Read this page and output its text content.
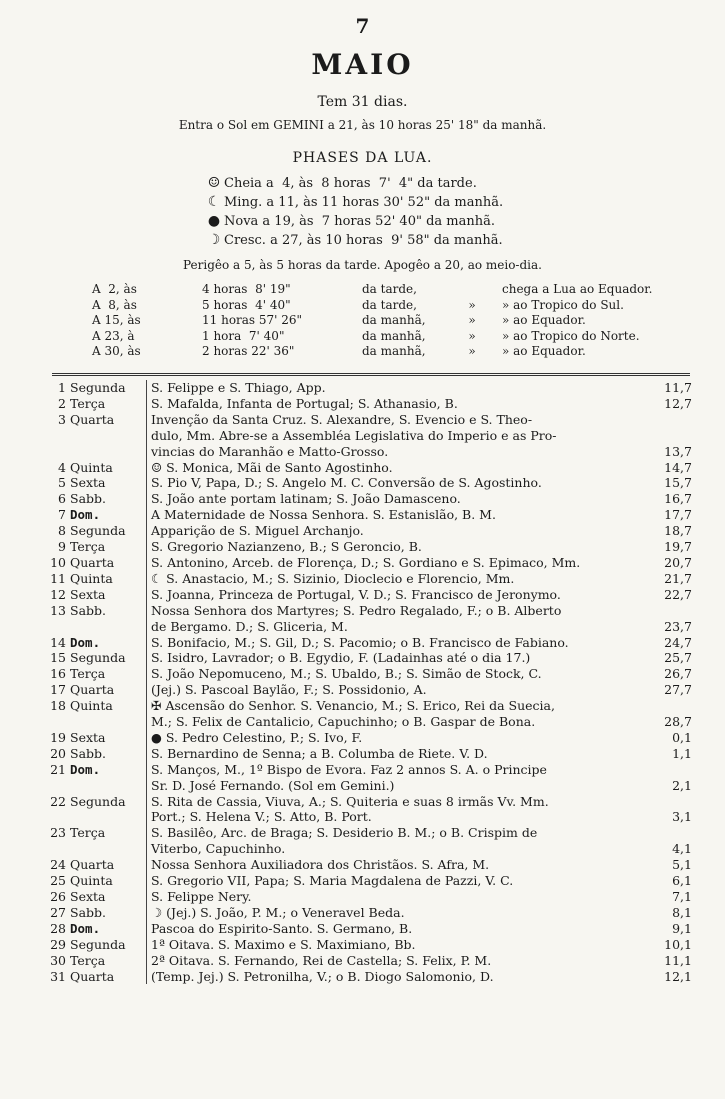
7
MAIO
Tem 31 dias.
Entra o Sol em GEMINI a 21, às 10 horas 25' 18" da manhã.
PHASES DA LUA.
☺ Cheia a  4, às  8 horas  7'  4" da tarde.
☾ Ming. a 11, às 11 horas 30' 52" da manhã.
● Nova a 19, às  7 horas 52' 40" da manhã.
☽ Cresc. a 27, às 10 horas  9' 58" da manhã.
Perigêo a 5, às 5 horas da tarde. Apogêo a 20, ao meio-dia.
A  2, às	4 horas  8' 19"	da tarde,	chega a Lua ao Equador.
A  8, às	5 horas  4' 40"	da tarde,	» » ao Tropico do Sul.
A 15, às	11 horas 57' 26"	da manhã,	» » ao Equador.
A 23, à	1 hora  7' 40"	da manhã,	» » ao Tropico do Norte.
A 30, às	2 horas 22' 36"	da manhã,	» » ao Equador.
1 Segunda	S. Felippe e S. Thiago, App.	11,7
2 Terça	S. Mafalda, Infanta de Portugal; S. Athanasio, B.	12,7
3 Quarta	Invenção da Santa Cruz. S. Alexandre, S. Evencio e S. Theo-
dulo, Mm. Abre-se a Assembléa Legislativa do Imperio e as Pro-
vincias do Maranhão e Matto-Grosso.	13,7
4 Quinta	☺ S. Monica, Mãi de Santo Agostinho.	14,7
5 Sexta	S. Pio V, Papa, D.; S. Angelo M. C. Conversão de S. Agostinho.	15,7
6 Sabb.	S. João ante portam latinam; S. João Damasceno.	16,7
7 Dom.	A Maternidade de Nossa Senhora. S. Estanislão, B. M.	17,7
8 Segunda	Apparição de S. Miguel Archanjo.	18,7
9 Terça	S. Gregorio Nazianzeno, B.; S Geroncio, B.	19,7
10 Quarta	S. Antonino, Arceb. de Florença, D.; S. Gordiano e S. Epimaco, Mm.	20,7
11 Quinta	☾ S. Anastacio, M.; S. Sizinio, Diocleciо e Florencio, Mm.	21,7
12 Sexta	S. Joanna, Princeza de Portugal, V. D.; S. Francisco de Jeronymo.	22,7
13 Sabb.	Nossa Senhora dos Martyres; S. Pedro Regalado, F.; o B. Alberto
de Bergamo. D.; S. Gliceria, M.	23,7
14 Dom.	S. Bonifacio, M.; S. Gil, D.; S. Pacomio; o B. Francisco de Fabiano.	24,7
15 Segunda	S. Isidro, Lavrador; o B. Egydio, F. (Ladainhas até o dia 17.)	25,7
16 Terça	S. João Nepomuceno, M.; S. Ubaldo, B.; S. Simão de Stock, C.	26,7
17 Quarta	(Jej.) S. Pascoal Baylão, F.; S. Possidonio, A.	27,7
18 Quinta	✠ Ascensão do Senhor. S. Venancio, M.; S. Erico, Rei da Suecia,
M.; S. Felix de Cantalicio, Capuchinho; o B. Gaspar de Bona.	28,7
19 Sexta	● S. Pedro Celestino, P.; S. Ivo, F.	0,1
20 Sabb.	S. Bernardino de Senna; a B. Columba de Riete. V. D.	1,1
21 Dom.	S. Manços, M., 1º Bispo de Evora. Faz 2 annos S. A. o Principe
Sr. D. José Fernando. (Sol em Gemini.)	2,1
22 Segunda	S. Rita de Cassia, Viuva, A.; S. Quiteria e suas 8 irmãs Vv. Mm.
Port.; S. Helena V.; S. Atto, B. Port.	3,1
23 Terça	S. Basilêo, Arc. de Braga; S. Desiderio B. M.; o B. Crispim de
Viterbo, Capuchinho.	4,1
24 Quarta	Nossa Senhora Auxiliadora dos Christãos. S. Afra, M.	5,1
25 Quinta	S. Gregorio VII, Papa; S. Maria Magdalena de Pazzi, V. C.	6,1
26 Sexta	S. Felippe Nery.	7,1
27 Sabb.	☽ (Jej.) S. João, P. M.; o Veneravel Beda.	8,1
28 Dom.	Pascoa do Espirito-Santo. S. Germano, B.	9,1
29 Segunda	1ª Oitava. S. Maximo e S. Maximiano, Bb.	10,1
30 Terça	2ª Oitava. S. Fernando, Rei de Castella; S. Felix, P. M.	11,1
31 Quarta	(Temp. Jej.) S. Petronilha, V.; o B. Diogo Salomonio, D.	12,1
